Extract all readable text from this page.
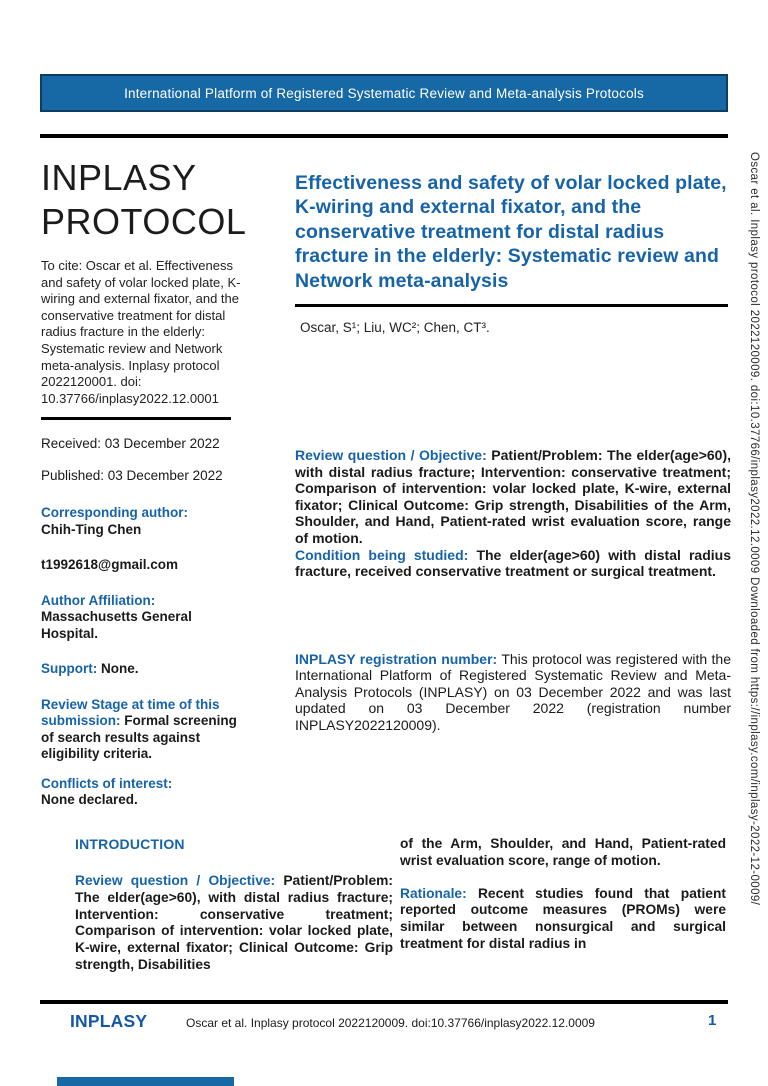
International Platform of Registered Systematic Review and Meta-analysis Protocols
INPLASY
PROTOCOL

To cite: Oscar et al. Effectiveness and safety of volar locked plate, K-wiring and external fixator, and the conservative treatment for distal radius fracture in the elderly: Systematic review and Network meta-analysis. Inplasy protocol 2022120001. doi: 10.37766/inplasy2022.12.0001

Received: 03 December 2022

Published: 03 December 2022

Corresponding author:
Chih-Ting Chen

t1992618@gmail.com

Author Affiliation:
Massachusetts General Hospital.

Support: None.

Review Stage at time of this submission: Formal screening of search results against eligibility criteria.

Conflicts of interest:
None declared.

Effectiveness and safety of volar locked plate, K-wiring and external fixator, and the conservative treatment for distal radius fracture in the elderly: Systematic review and Network meta-analysis

Oscar, S¹; Liu, WC²; Chen, CT³.

Review question / Objective: Patient/Problem: The elder(age>60), with distal radius fracture; Intervention: conservative treatment; Comparison of intervention: volar locked plate, K-wire, external fixator; Clinical Outcome: Grip strength, Disabilities of the Arm, Shoulder, and Hand, Patient-rated wrist evaluation score, range of motion.

Condition being studied: The elder(age>60) with distal radius fracture, received conservative treatment or surgical treatment.

INPLASY registration number: This protocol was registered with the International Platform of Registered Systematic Review and Meta-Analysis Protocols (INPLASY) on 03 December 2022 and was last updated on 03 December 2022 (registration number INPLASY2022120009).

INTRODUCTION

Review question / Objective: Patient/Problem: The elder(age>60), with distal radius fracture; Intervention: conservative treatment; Comparison of intervention: volar locked plate, K-wire, external fixator; Clinical Outcome: Grip strength, Disabilities

of the Arm, Shoulder, and Hand, Patient-rated wrist evaluation score, range of motion.

Rationale: Recent studies found that patient reported outcome measures (PROMs) were similar between nonsurgical and surgical treatment for distal radius in

INPLASY	Oscar et al. Inplasy protocol 2022120009. doi:10.37766/inplasy2022.12.0009	1
Oscar et al. Inplasy protocol 2022120009. doi:10.37766/inplasy2022.12.0009 Downloaded from https://inplasy.com/inplasy-2022-12-0009/
